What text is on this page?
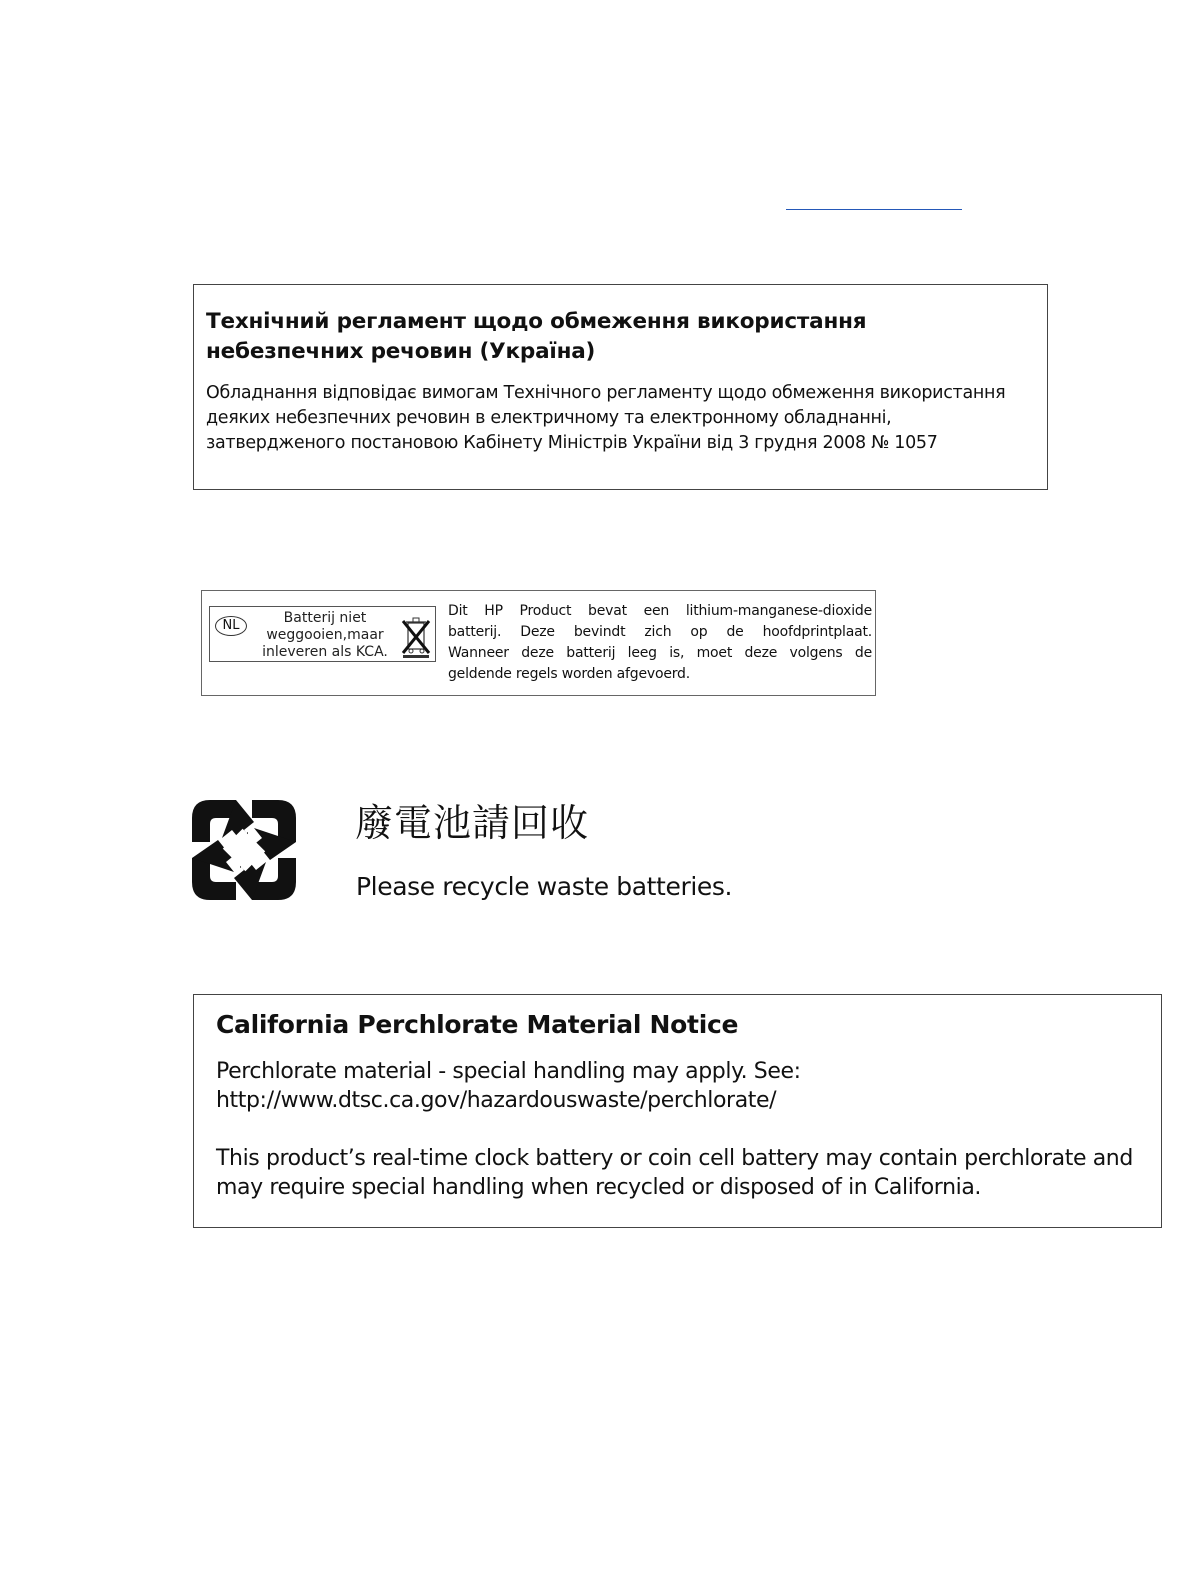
Технічний регламент щодо обмеження використання
небезпечних речовин (Україна)
Обладнання відповідає вимогам Технічного регламенту щодо обмеження використання
деяких небезпечних речовин в електричному та електронному обладнанні,
затвердженого постановою Кабінету Міністрів України від 3 грудня 2008 № 1057
NL	Batterij niet
weggooien,maar
inleveren als KCA.
Dit HP Product bevat een lithium-manganese-dioxide
batterij. Deze bevindt zich op de hoofdprintplaat.
Wanneer deze batterij leeg is, moet deze volgens de
geldende regels worden afgevoerd.
廢電池請回收
Please recycle waste batteries.
California Perchlorate Material Notice
Perchlorate material - special handling may apply. See:
http://www.dtsc.ca.gov/hazardouswaste/perchlorate/
This product’s real-time clock battery or coin cell battery may contain perchlorate and
may require special handling when recycled or disposed of in California.
